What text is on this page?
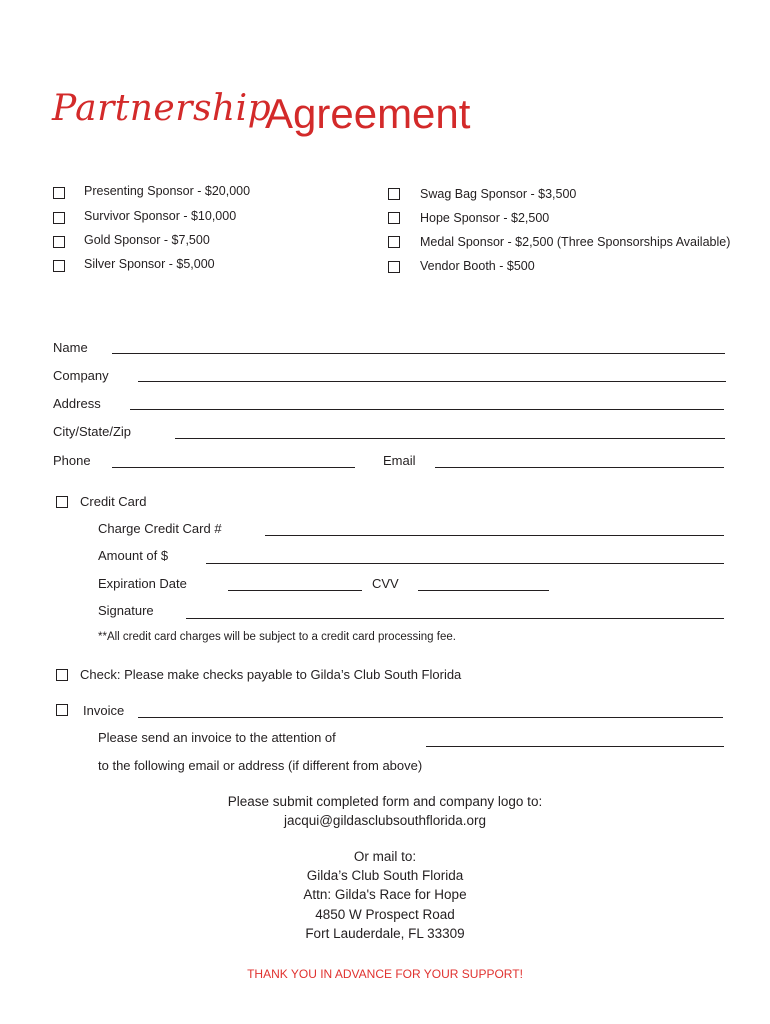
Partnership
Agreement
Presenting Sponsor - $20,000
Survivor Sponsor - $10,000
Gold Sponsor - $7,500
Silver Sponsor - $5,000
Swag Bag Sponsor - $3,500
Hope Sponsor - $2,500
Medal Sponsor - $2,500 (Three Sponsorships Available)
Vendor Booth - $500
Name
Company
Address
City/State/Zip
Phone	Email
Credit Card
Charge Credit Card #
Amount of $
Expiration Date	CVV
Signature
**All credit card charges will be subject to a credit card processing fee.
Check: Please make checks payable to Gilda’s Club South Florida
Invoice
Please send an invoice to the attention of
to the following email or address (if different from above)
Please submit completed form and company logo to:
jacqui@gildasclubsouthflorida.org
Or mail to:
Gilda’s Club South Florida
Attn: Gilda's Race for Hope
4850 W Prospect Road
Fort Lauderdale, FL 33309
THANK YOU IN ADVANCE FOR YOUR SUPPORT!
